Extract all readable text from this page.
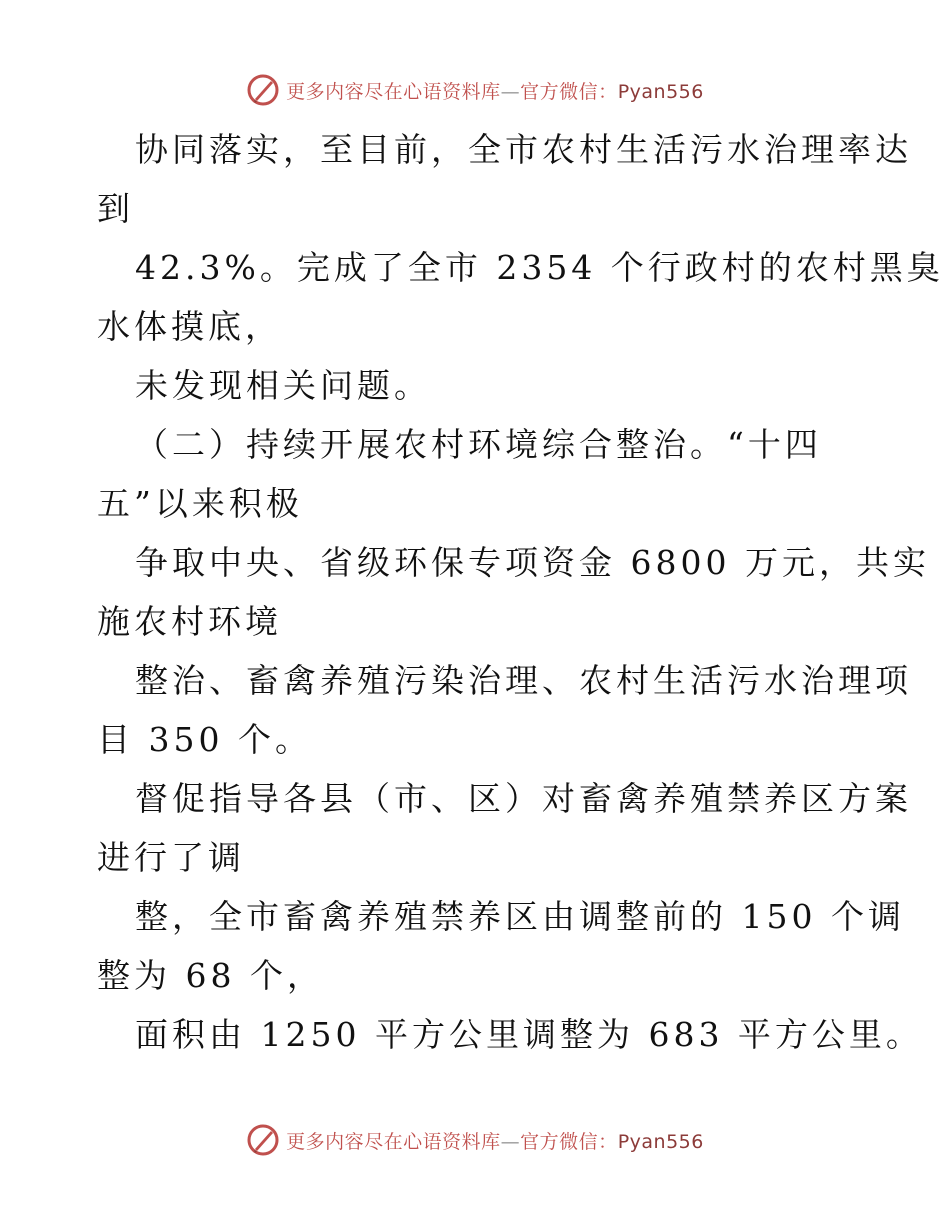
更多内容尽在心语资料库—官方微信：Pyan556
协同落实，至目前，全市农村生活污水治理率达
到
42.3%。完成了全市 2354 个行政村的农村黑臭
水体摸底，
未发现相关问题。
（二）持续开展农村环境综合整治。“十四
五”以来积极
争取中央、省级环保专项资金 6800 万元，共实
施农村环境
整治、畜禽养殖污染治理、农村生活污水治理项
目 350 个。
督促指导各县（市、区）对畜禽养殖禁养区方案
进行了调
整，全市畜禽养殖禁养区由调整前的 150 个调
整为 68 个，
面积由 1250 平方公里调整为 683 平方公里。
更多内容尽在心语资料库—官方微信：Pyan556
